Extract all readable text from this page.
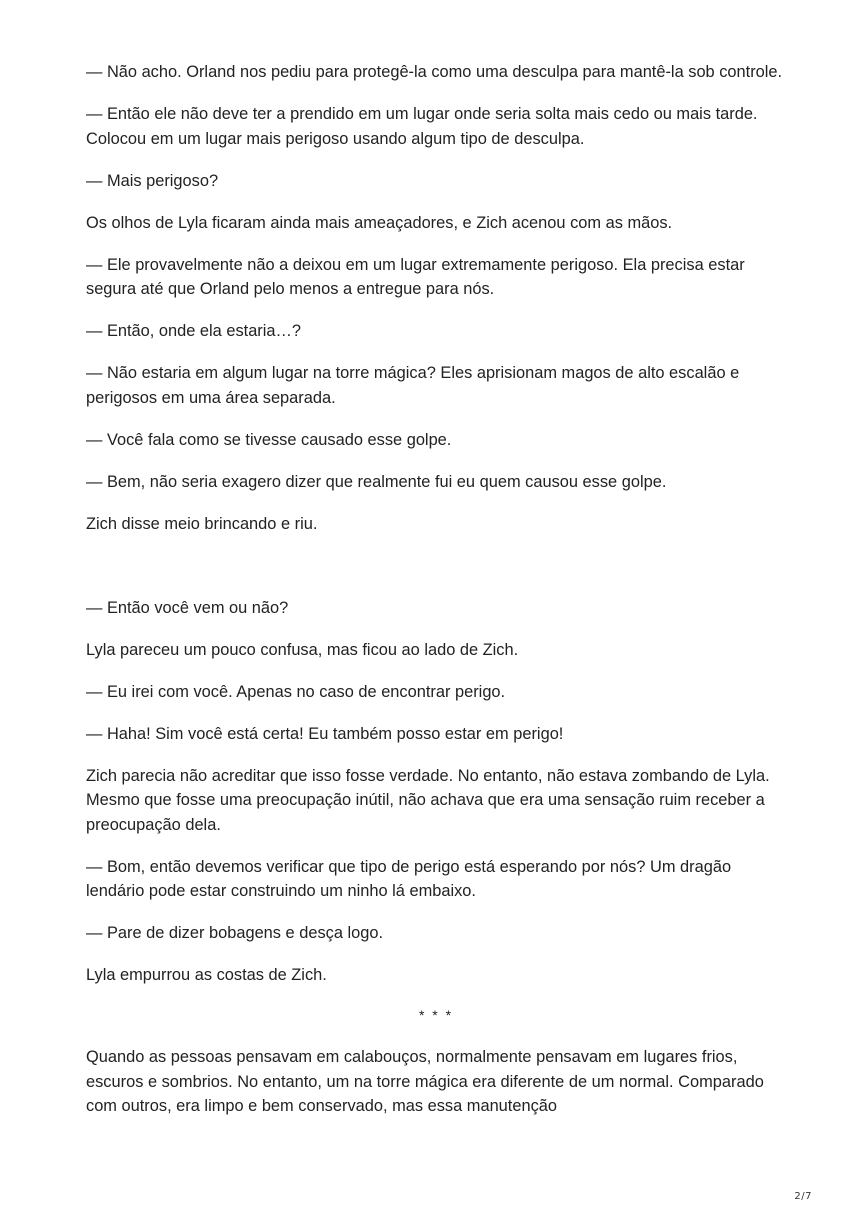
— Não acho. Orland nos pediu para protegê-la como uma desculpa para mantê-la sob controle.

— Então ele não deve ter a prendido em um lugar onde seria solta mais cedo ou mais tarde. Colocou em um lugar mais perigoso usando algum tipo de desculpa.

— Mais perigoso?

Os olhos de Lyla ficaram ainda mais ameaçadores, e Zich acenou com as mãos.

— Ele provavelmente não a deixou em um lugar extremamente perigoso. Ela precisa estar segura até que Orland pelo menos a entregue para nós.

— Então, onde ela estaria…?

— Não estaria em algum lugar na torre mágica? Eles aprisionam magos de alto escalão e perigosos em uma área separada.

— Você fala como se tivesse causado esse golpe.

— Bem, não seria exagero dizer que realmente fui eu quem causou esse golpe.

Zich disse meio brincando e riu.

— Então você vem ou não?

Lyla pareceu um pouco confusa, mas ficou ao lado de Zich.

— Eu irei com você. Apenas no caso de encontrar perigo.

— Haha! Sim você está certa! Eu também posso estar em perigo!

Zich parecia não acreditar que isso fosse verdade. No entanto, não estava zombando de Lyla. Mesmo que fosse uma preocupação inútil, não achava que era uma sensação ruim receber a preocupação dela.

— Bom, então devemos verificar que tipo de perigo está esperando por nós? Um dragão lendário pode estar construindo um ninho lá embaixo.

— Pare de dizer bobagens e desça logo.

Lyla empurrou as costas de Zich.

* * *

Quando as pessoas pensavam em calabouços, normalmente pensavam em lugares frios, escuros e sombrios. No entanto, um na torre mágica era diferente de um normal. Comparado com outros, era limpo e bem conservado, mas essa manutenção

2/7
